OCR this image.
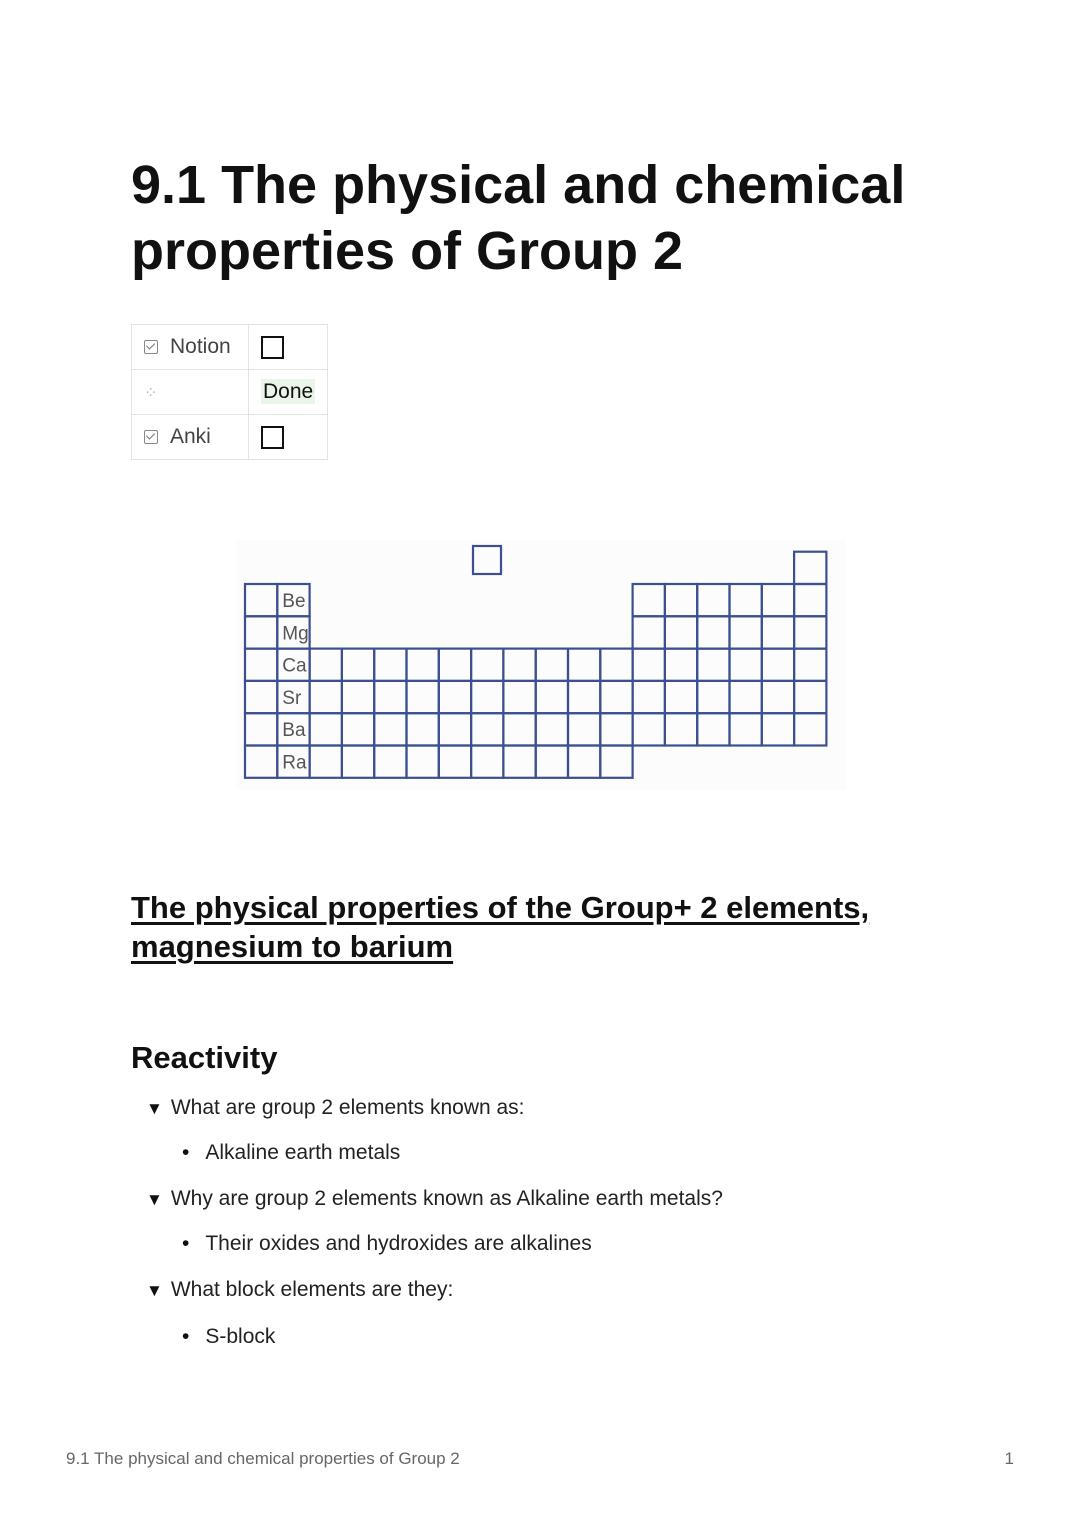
9.1 The physical and chemical properties of Group 2
Notion	
⁘	Done
Anki	
Be
Mg
Ca
Sr
Ba
Ra
The physical properties of the Group+ 2 elements, magnesium to barium
Reactivity
▼ What are group 2 elements known as:
• Alkaline earth metals
▼ Why are group 2 elements known as Alkaline earth metals?
• Their oxides and hydroxides are alkalines
▼ What block elements are they:
• S-block
9.1 The physical and chemical properties of Group 2	1
